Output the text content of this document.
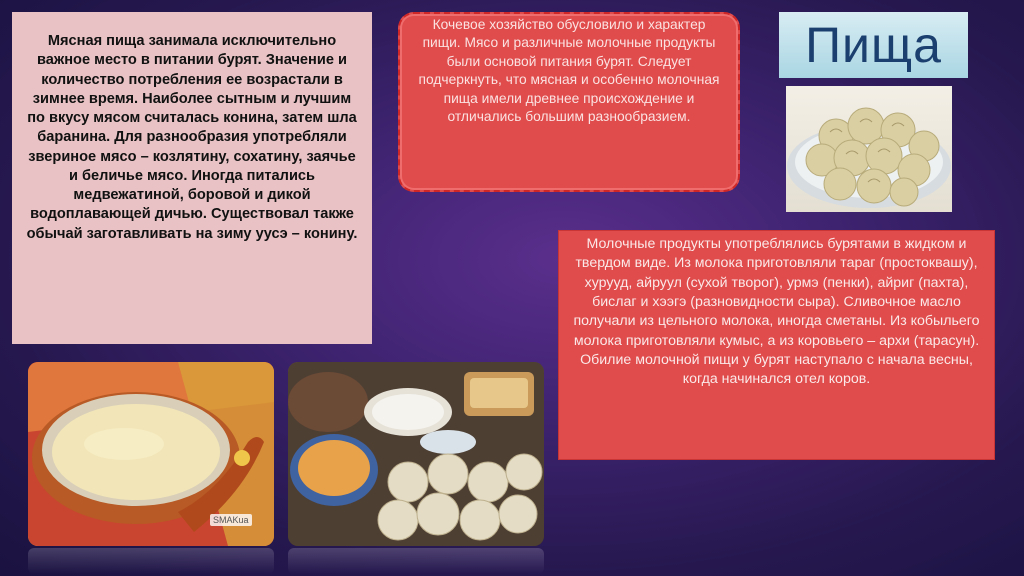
Мясная пища занимала исключительно важное место в питании бурят. Значение и количество потребления ее возрастали в зимнее время. Наиболее сытным и лучшим по вкусу мясом считалась конина, затем шла баранина. Для разнообразия употребляли звериное мясо – козлятину, сохатину, заячье и беличье мясо. Иногда питались медвежатиной, боровой и дикой водоплавающей дичью. Существовал также обычай заготавливать на зиму уусэ – конину.
Кочевое хозяйство обусловило и характер пищи. Мясо и различные молочные продукты были основой питания бурят. Следует подчеркнуть, что мясная и особенно молочная пища имели древнее происхождение и отличались большим разнообразием.
Пища
Молочные продукты употреблялись бурятами в жидком и твердом виде. Из молока приготовляли тараг (простоквашу), хурууд, айруул (сухой творог), урмэ (пенки), айриг (пахта), бислаг и хээгэ (разновидности сыра). Сливочное масло получали из цельного молока, иногда сметаны. Из кобыльего молока приготовляли кумыс, а из коровьего – архи (тарасун). Обилие молочной пищи у бурят наступало с начала весны, когда начинался отел коров.
SMAKua
